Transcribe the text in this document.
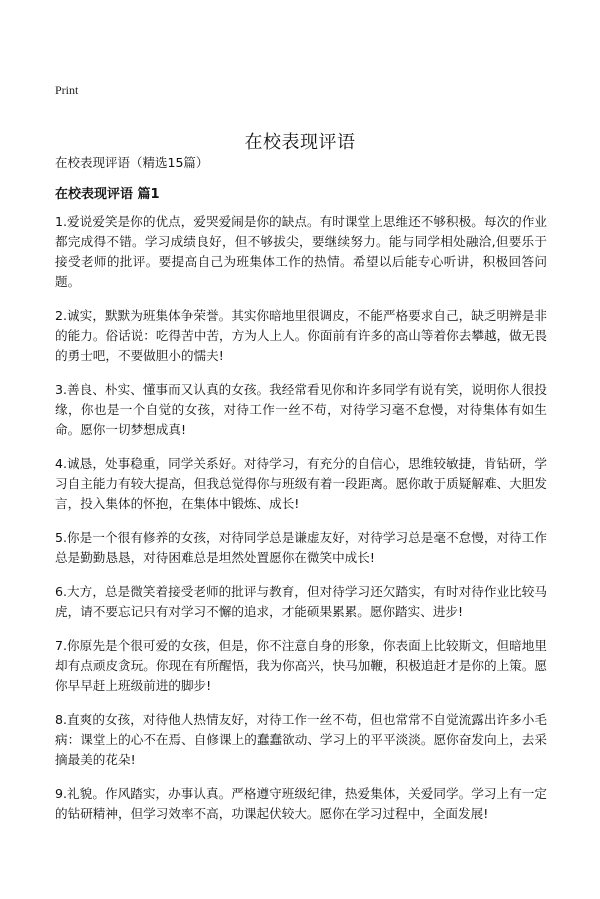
Print
在校表现评语
在校表现评语（精选15篇）
在校表现评语 篇1

1.爱说爱笑是你的优点，爱哭爱闹是你的缺点。有时课堂上思维还不够积极。每次的作业都完成得不错。学习成绩良好，但不够拔尖，要继续努力。能与同学相处融洽,但要乐于接受老师的批评。要提高自己为班集体工作的热情。希望以后能专心听讲，积极回答问题。

2.诚实，默默为班集体争荣誉。其实你暗地里很调皮，不能严格要求自己，缺乏明辨是非的能力。俗话说：吃得苦中苦，方为人上人。你面前有许多的高山等着你去攀越，做无畏的勇士吧，不要做胆小的懦夫!

3.善良、朴实、懂事而又认真的女孩。我经常看见你和许多同学有说有笑，说明你人很投缘，你也是一个自觉的女孩，对待工作一丝不苟，对待学习毫不怠慢，对待集体有如生命。愿你一切梦想成真!

4.诚恳，处事稳重，同学关系好。对待学习，有充分的自信心，思维较敏捷，肯钻研，学习自主能力有较大提高，但我总觉得你与班级有着一段距离。愿你敢于质疑解难、大胆发言，投入集体的怀抱，在集体中锻炼、成长!

5.你是一个很有修养的女孩，对待同学总是谦虚友好，对待学习总是毫不怠慢，对待工作总是勤勤恳恳，对待困难总是坦然处置愿你在微笑中成长!

6.大方，总是微笑着接受老师的批评与教育，但对待学习还欠踏实，有时对待作业比较马虎，请不要忘记只有对学习不懈的追求，才能硕果累累。愿你踏实、进步!

7.你原先是个很可爱的女孩，但是，你不注意自身的形象，你表面上比较斯文，但暗地里却有点顽皮贪玩。你现在有所醒悟，我为你高兴，快马加鞭，积极追赶才是你的上策。愿你早早赶上班级前进的脚步!

8.直爽的女孩，对待他人热情友好，对待工作一丝不苟，但也常常不自觉流露出许多小毛病：课堂上的心不在焉、自修课上的蠢蠢欲动、学习上的平平淡淡。愿你奋发向上，去采摘最美的花朵!

9.礼貌。作风踏实，办事认真。严格遵守班级纪律，热爱集体，关爱同学。学习上有一定的钻研精神，但学习效率不高，功课起伏较大。愿你在学习过程中，全面发展!
